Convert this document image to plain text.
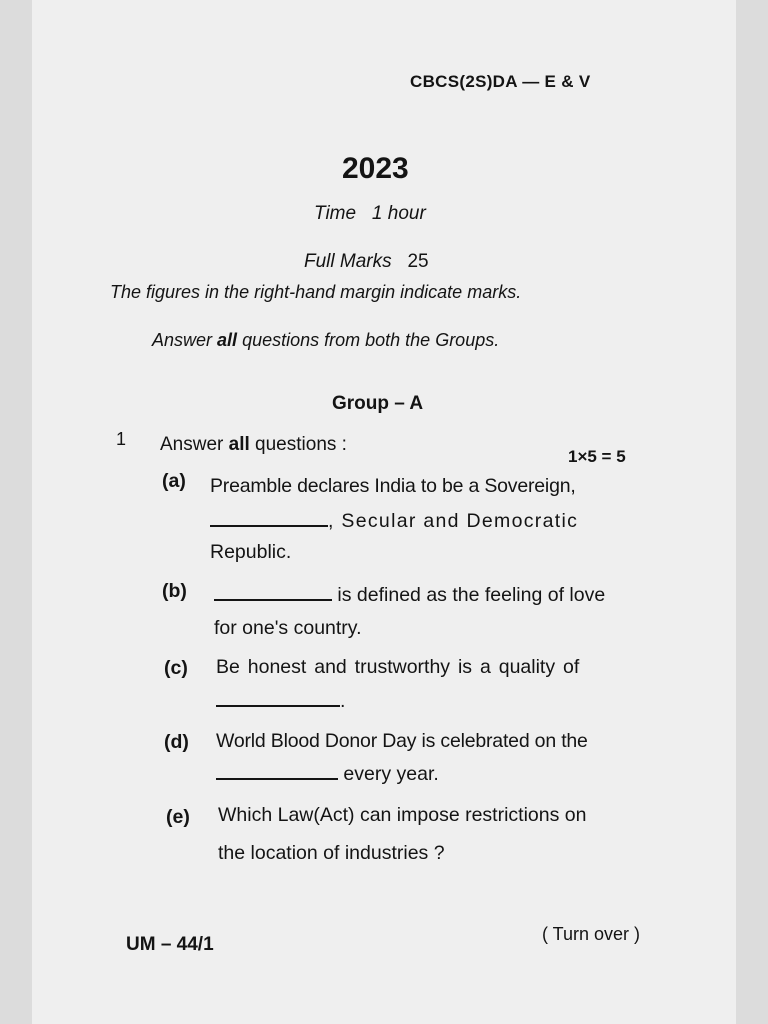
CBCS(2S)DA — E & V
2023
Time 1 hour
Full Marks 25
The figures in the right-hand margin indicate marks.
Answer all questions from both the Groups.
Group – A
1 Answer all questions :
1×5 = 5
(a) Preamble declares India to be a Sovereign,
, Secular and Democratic
Republic.
(b)	is defined as the feeling of love
for one's country.
(c) Be honest and trustworthy is a quality of
.
(d) World Blood Donor Day is celebrated on the
every year.
(e) Which Law(Act) can impose restrictions on
the location of industries ?
UM – 44/1	( Turn over )
